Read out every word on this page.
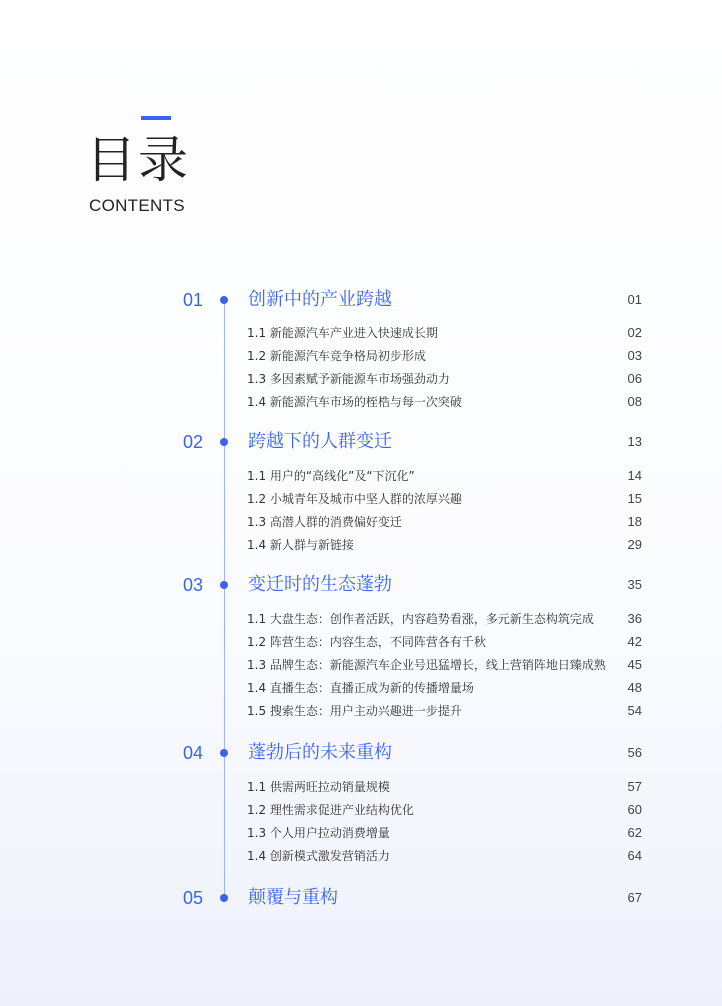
目录
CONTENTS
01 创新中的产业跨越	01
1.1 新能源汽车产业进入快速成长期	02
1.2 新能源汽车竞争格局初步形成	03
1.3 多因素赋予新能源车市场强劲动力	06
1.4 新能源汽车市场的桎梏与每一次突破	08
02 跨越下的人群变迁	13
1.1 用户的“高线化”及“下沉化”	14
1.2 小城青年及城市中坚人群的浓厚兴趣	15
1.3 高潜人群的消费偏好变迁	18
1.4 新人群与新链接	29
03 变迁时的生态蓬勃	35
1.1 大盘生态：创作者活跃，内容趋势看涨，多元新生态构筑完成	36
1.2 阵营生态：内容生态，不同阵营各有千秋	42
1.3 品牌生态：新能源汽车企业号迅猛增长，线上营销阵地日臻成熟 45
1.4 直播生态：直播正成为新的传播增量场	48
1.5 搜索生态：用户主动兴趣进一步提升	54
04 蓬勃后的未来重构	56
1.1 供需两旺拉动销量规模	57
1.2 理性需求促进产业结构优化	60
1.3 个人用户拉动消费增量	62
1.4 创新模式激发营销活力	64
05 颠覆与重构	67
